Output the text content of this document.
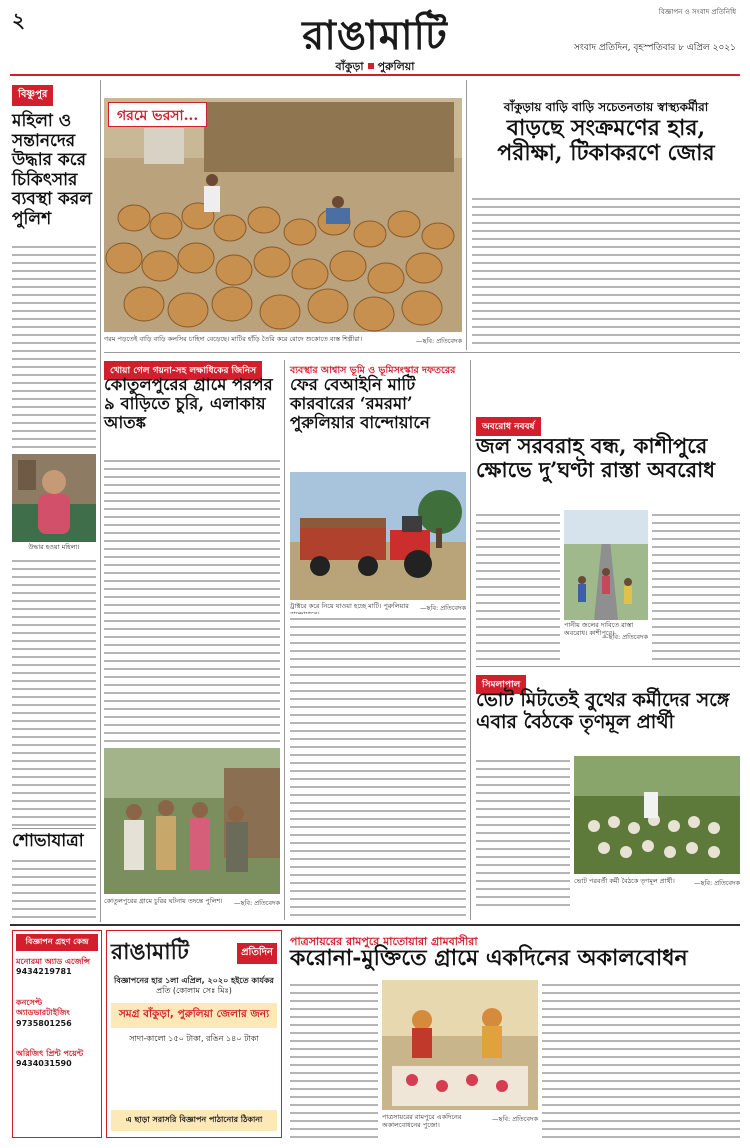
২	রাঙামাটি	বিজ্ঞাপন ও সংবাদ প্রতিনিধি
সংবাদ প্রতিদিন, বৃহস্পতিবার ৮ এপ্রিল ২০২১
বাঁকুড়া পুরুলিয়া
বিষ্ণুপুর
মহিলা ও সন্তানদের উদ্ধার করে চিকিৎসার ব্যবস্থা করল পুলিশ
উদ্ধার হওয়া মহিলা।
শোভাযাত্রা
গরমে ভরসা...
গরম পড়তেই বাড়ি বাড়ি কলসির চাহিদা বেড়েছে। মাটির হাঁড়ি তৈরি করে রোদে শুকোতে ব্যস্ত শিল্পীরা।	—ছবি: প্রতিবেদক
বাঁকুড়ায় বাড়ি বাড়ি সচেতনতায় স্বাস্থ্যকর্মীরা
বাড়ছে সংক্রমণের হার, পরীক্ষা, টিকাকরণে জোর
খোয়া গেল গয়না-সহ লক্ষাধিকের জিনিস
কোতুলপুরের গ্রামে পরপর ৯ বাড়িতে চুরি, এলাকায় আতঙ্ক
কোতুলপুরের গ্রামে চুরির ঘটনায় তদন্তে পুলিশ।	—ছবি: প্রতিবেদক
ব্যবস্থার আশ্বাস ভূমি ও ভূমিসংস্কার দফতরের
ফের বেআইনি মাটি কারবারের ‘রমরমা’ পুরুলিয়ার বান্দোয়ানে
ট্রাক্টরে করে নিয়ে যাওয়া হচ্ছে মাটি। পুরুলিয়ার	—ছবি: প্রতিবেদক
অবরোধ নববর্ষ
জল সরবরাহ বন্ধ, কাশীপুরে ক্ষোভে দু’ঘণ্টা রাস্তা অবরোধ
পানীয় জলের দাবিতে রাস্তা অবরোধ। কাশীপুরে।
—ছবি: প্রতিবেদক
সিমলাপাল
ভোট মিটতেই বুথের কর্মীদের সঙ্গে এবার বৈঠকে তৃণমূল প্রার্থী
ভোট পরবর্তী কর্মী বৈঠকে তৃণমূল প্রার্থী।	—ছবি: প্রতিবেদক
পাত্রসায়রের রামপুরে মাতোয়ারা গ্রামবাসীরা
করোনা-মুক্তিতে গ্রামে একদিনের অকালবোধন
পাত্রসায়রের রামপুরে একদিনের অকালবোধনের পুজো।
—ছবি: প্রতিবেদক
বিজ্ঞাপন গ্রহণ কেন্দ্র
মনোরমা অ্যাড এজেন্সি
9434219781
কনসেপ্ট অ্যাডভারটাইজিং
9735801256
অরিজিৎ প্রিন্ট পয়েন্ট
9434031590
রাঙামাটি	প্রতিদিন
বিজ্ঞাপনের হার ১লা এপ্রিল, ২০২০ হইতে কার্যকর
প্রতি (কোলাম সেঃ মিঃ)
সমগ্র বাঁকুড়া, পুরুলিয়া জেলার জন্য
সাদা-কালো ১৫০ টাকা, রঙিন ১৪০ টাকা
এ ছাড়া সরাসরি বিজ্ঞাপন পাঠানোর ঠিকানা
